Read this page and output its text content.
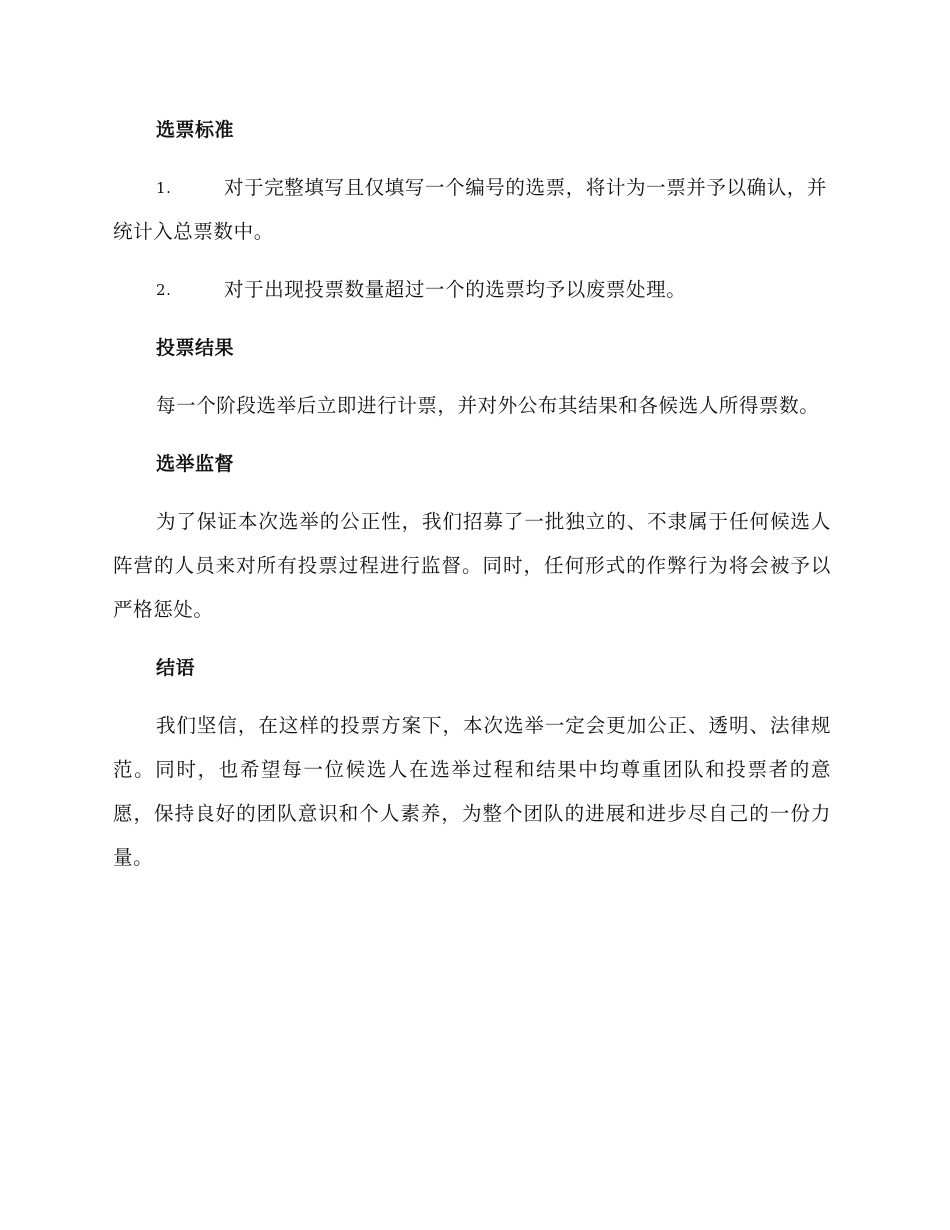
选票标准
1.	对于完整填写且仅填写一个编号的选票，将计为一票并予以确认，并统计入总票数中。
2.	对于出现投票数量超过一个的选票均予以废票处理。
投票结果

每一个阶段选举后立即进行计票，并对外公布其结果和各候选人所得票数。

选举监督

为了保证本次选举的公正性，我们招募了一批独立的、不隶属于任何候选人阵营的人员来对所有投票过程进行监督。同时，任何形式的作弊行为将会被予以严格惩处。

结语

我们坚信，在这样的投票方案下，本次选举一定会更加公正、透明、法律规范。同时，也希望每一位候选人在选举过程和结果中均尊重团队和投票者的意愿，保持良好的团队意识和个人素养，为整个团队的进展和进步尽自己的一份力量。
